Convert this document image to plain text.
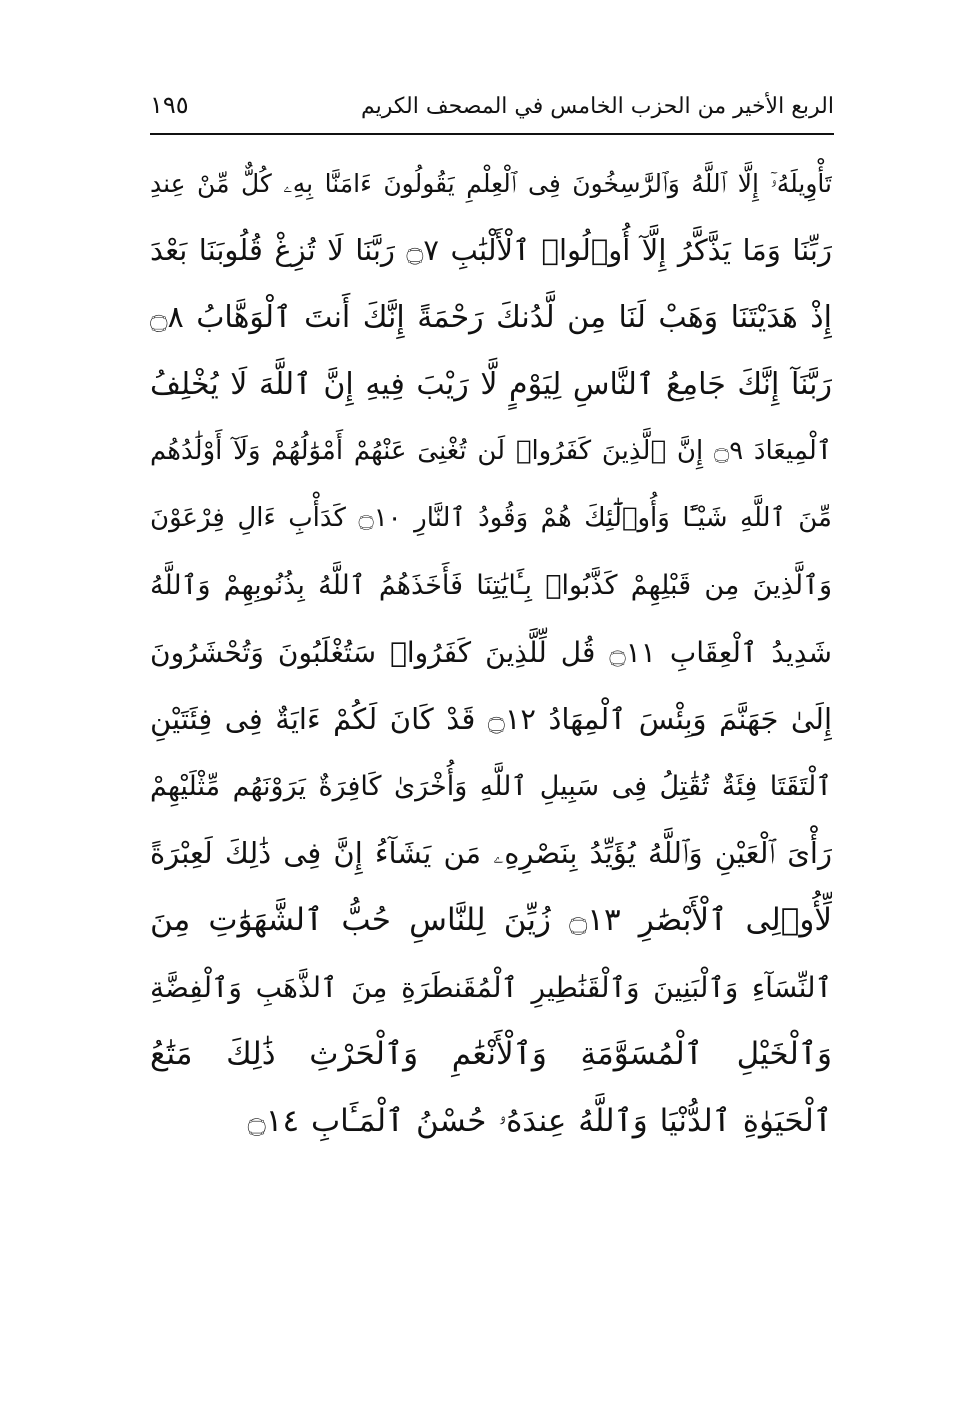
الربع الأخير من الحزب الخامس في المصحف الكريم
١٩٥
تَأْوِيلَهُۥٓ إِلَّا ٱللَّهُ وَٱلرَّٰسِخُونَ فِى ٱلْعِلْمِ يَقُولُونَ ءَامَنَّا بِهِۦ كُلٌّ مِّنْ عِندِ
رَبِّنَا وَمَا يَذَّكَّرُ إِلَّآ أُو۟لُوا۟ ٱلْأَلْبَٰبِ ۝٧ رَبَّنَا لَا تُزِغْ قُلُوبَنَا بَعْدَ
إِذْ هَدَيْتَنَا وَهَبْ لَنَا مِن لَّدُنكَ رَحْمَةً إِنَّكَ أَنتَ ٱلْوَهَّابُ ۝٨
رَبَّنَآ إِنَّكَ جَامِعُ ٱلنَّاسِ لِيَوْمٍ لَّا رَيْبَ فِيهِ إِنَّ ٱللَّهَ لَا يُخْلِفُ
ٱلْمِيعَادَ ۝٩ إِنَّ ٱلَّذِينَ كَفَرُوا۟ لَن تُغْنِىَ عَنْهُمْ أَمْوَٰلُهُمْ وَلَآ أَوْلَٰدُهُم
مِّنَ ٱللَّهِ شَيْـًٔا وَأُو۟لَٰٓئِكَ هُمْ وَقُودُ ٱلنَّارِ ۝١٠ كَدَأْبِ ءَالِ فِرْعَوْنَ
وَٱلَّذِينَ مِن قَبْلِهِمْ كَذَّبُوا۟ بِـَٔايَٰتِنَا فَأَخَذَهُمُ ٱللَّهُ بِذُنُوبِهِمْ وَٱللَّهُ
شَدِيدُ ٱلْعِقَابِ ۝١١ قُل لِّلَّذِينَ كَفَرُوا۟ سَتُغْلَبُونَ وَتُحْشَرُونَ
إِلَىٰ جَهَنَّمَ وَبِئْسَ ٱلْمِهَادُ ۝١٢ قَدْ كَانَ لَكُمْ ءَايَةٌ فِى فِئَتَيْنِ
ٱلْتَقَتَا فِئَةٌ تُقَٰتِلُ فِى سَبِيلِ ٱللَّهِ وَأُخْرَىٰ كَافِرَةٌ يَرَوْنَهُم مِّثْلَيْهِمْ
رَأْىَ ٱلْعَيْنِ وَٱللَّهُ يُؤَيِّدُ بِنَصْرِهِۦ مَن يَشَآءُ إِنَّ فِى ذَٰلِكَ لَعِبْرَةً
لِّأُو۟لِى ٱلْأَبْصَٰرِ ۝١٣ زُيِّنَ لِلنَّاسِ حُبُّ ٱلشَّهَوَٰتِ مِنَ
ٱلنِّسَآءِ وَٱلْبَنِينَ وَٱلْقَنَٰطِيرِ ٱلْمُقَنطَرَةِ مِنَ ٱلذَّهَبِ وَٱلْفِضَّةِ
وَٱلْخَيْلِ ٱلْمُسَوَّمَةِ وَٱلْأَنْعَٰمِ وَٱلْحَرْثِ ذَٰلِكَ مَتَٰعُ
ٱلْحَيَوٰةِ ٱلدُّنْيَا وَٱللَّهُ عِندَهُۥ حُسْنُ ٱلْمَـَٔابِ ۝١٤
